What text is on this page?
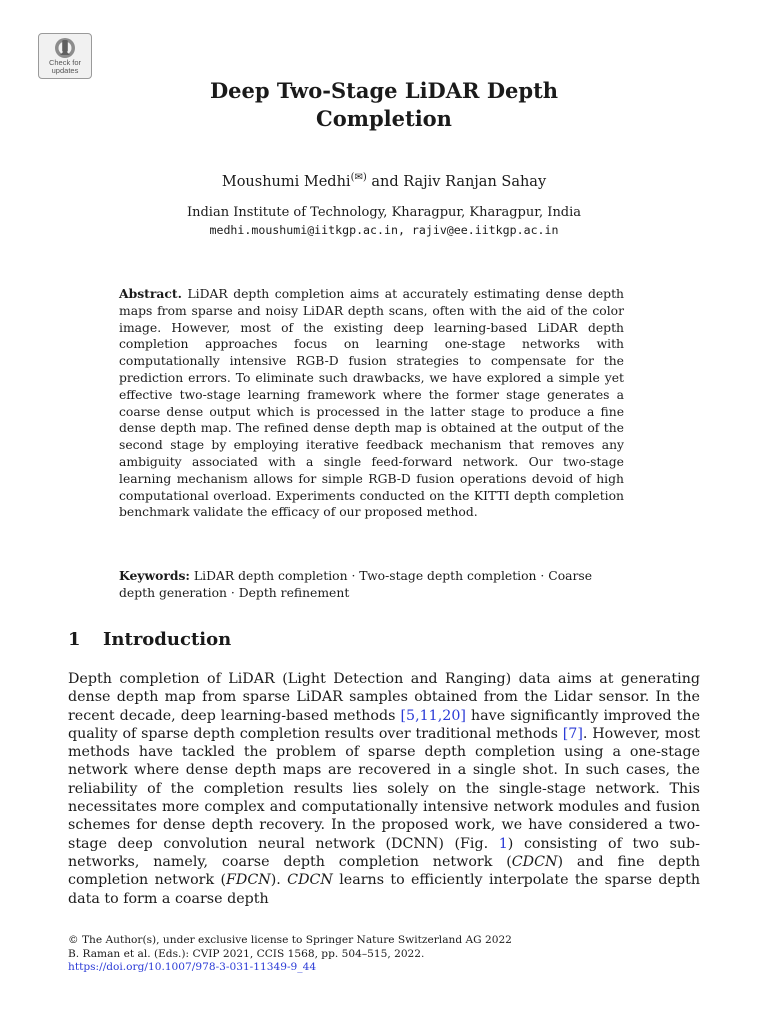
Check for
updates
Deep Two-Stage LiDAR Depth
Completion
Moushumi Medhi(✉) and Rajiv Ranjan Sahay
Indian Institute of Technology, Kharagpur, Kharagpur, India
medhi.moushumi@iitkgp.ac.in, rajiv@ee.iitkgp.ac.in

Abstract. LiDAR depth completion aims at accurately estimating dense depth maps from sparse and noisy LiDAR depth scans, often with the aid of the color image. However, most of the existing deep learning-based LiDAR depth completion approaches focus on learning one-stage networks with computationally intensive RGB-D fusion strategies to compensate for the prediction errors. To eliminate such drawbacks, we have explored a simple yet effective two-stage learning framework where the former stage generates a coarse dense output which is processed in the latter stage to produce a fine dense depth map. The refined dense depth map is obtained at the output of the second stage by employing iterative feedback mechanism that removes any ambiguity associated with a single feed-forward network. Our two-stage learning mechanism allows for simple RGB-D fusion operations devoid of high computational overload. Experiments conducted on the KITTI depth completion benchmark validate the efficacy of our proposed method.

Keywords: LiDAR depth completion · Two-stage depth completion · Coarse depth generation · Depth refinement

1 Introduction

Depth completion of LiDAR (Light Detection and Ranging) data aims at generating dense depth map from sparse LiDAR samples obtained from the Lidar sensor. In the recent decade, deep learning-based methods [5,11,20] have significantly improved the quality of sparse depth completion results over traditional methods [7]. However, most methods have tackled the problem of sparse depth completion using a one-stage network where dense depth maps are recovered in a single shot. In such cases, the reliability of the completion results lies solely on the single-stage network. This necessitates more complex and computationally intensive network modules and fusion schemes for dense depth recovery. In the proposed work, we have considered a two-stage deep convolution neural network (DCNN) (Fig. 1) consisting of two sub-networks, namely, coarse depth completion network (CDCN) and fine depth completion network (FDCN). CDCN learns to efficiently interpolate the sparse depth data to form a coarse depth

© The Author(s), under exclusive license to Springer Nature Switzerland AG 2022
B. Raman et al. (Eds.): CVIP 2021, CCIS 1568, pp. 504–515, 2022.
https://doi.org/10.1007/978-3-031-11349-9_44
